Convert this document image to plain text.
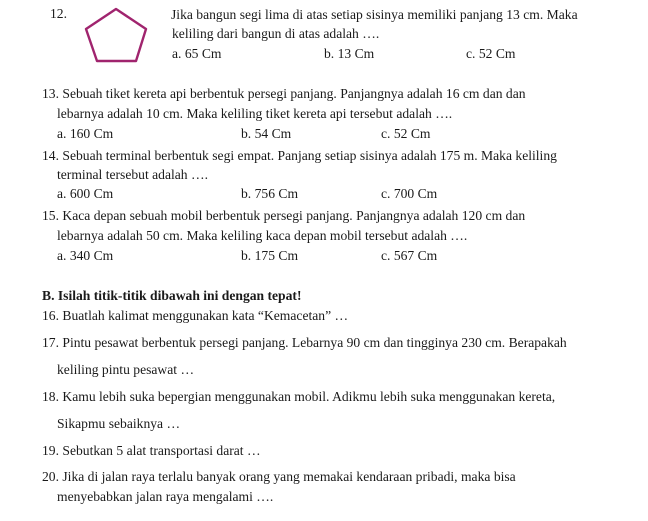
12.	Jika bangun segi lima di atas setiap sisinya memiliki panjang 13 cm. Maka
keliling dari bangun di atas adalah ….
a. 65 Cm	b. 13 Cm	c. 52 Cm
13. Sebuah tiket kereta api berbentuk persegi panjang. Panjangnya adalah 16 cm dan dan
lebarnya adalah 10 cm. Maka keliling tiket kereta api tersebut adalah ….
a. 160 Cm	b. 54 Cm	c. 52 Cm
14. Sebuah terminal berbentuk segi empat. Panjang setiap sisinya adalah 175 m. Maka keliling
terminal tersebut adalah ….
a. 600 Cm	b. 756 Cm	c. 700 Cm
15. Kaca depan sebuah mobil berbentuk persegi panjang. Panjangnya adalah 120 cm dan
lebarnya adalah 50 cm. Maka keliling kaca depan mobil tersebut adalah ….
a. 340 Cm	b. 175 Cm	c. 567 Cm
B. Isilah titik-titik dibawah ini dengan tepat!
16. Buatlah kalimat menggunakan kata “Kemacetan” …
17. Pintu pesawat berbentuk persegi panjang. Lebarnya 90 cm dan tingginya 230 cm. Berapakah
keliling pintu pesawat …
18. Kamu lebih suka bepergian menggunakan mobil. Adikmu lebih suka menggunakan kereta,
Sikapmu sebaiknya …
19. Sebutkan 5 alat transportasi darat …
20. Jika di jalan raya terlalu banyak orang yang memakai kendaraan pribadi, maka bisa
menyebabkan jalan raya mengalami ….
